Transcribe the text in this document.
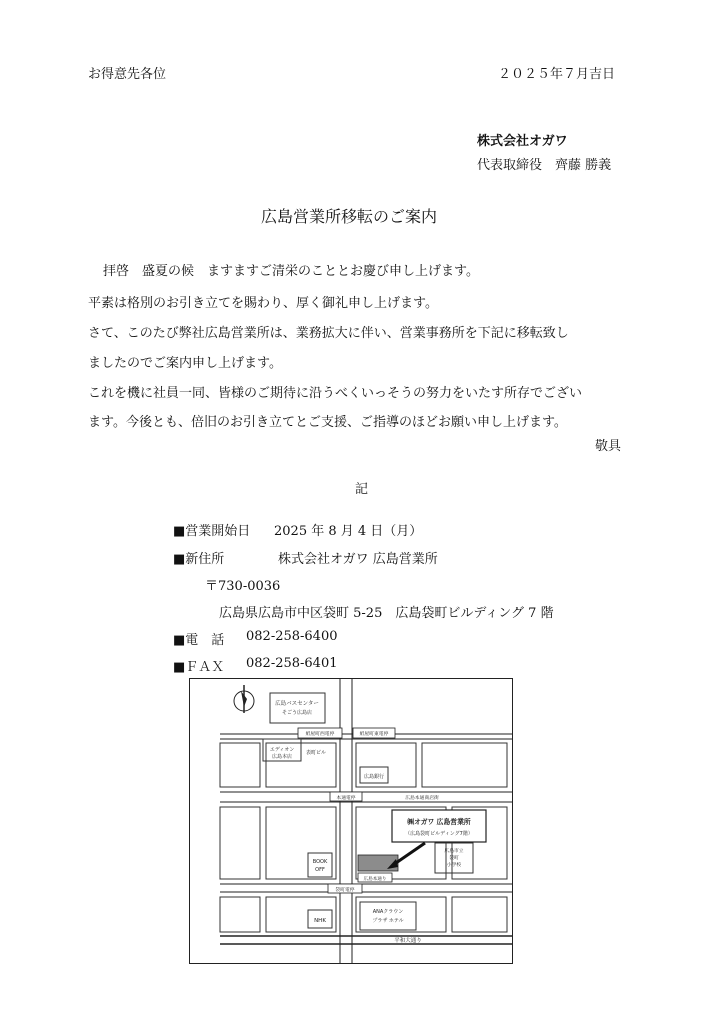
お得意先各位	２０２５年７月吉日
株式会社オガワ
代表取締役　齊藤 勝義
広島営業所移転のご案内
拝啓　盛夏の候　ますますご清栄のこととお慶び申し上げます。
平素は格別のお引き立てを賜わり、厚く御礼申し上げます。
さて、このたび弊社広島営業所は、業務拡大に伴い、営業事務所を下記に移転致し
ましたのでご案内申し上げます。
これを機に社員一同、皆様のご期待に沿うべくいっそうの努力をいたす所存でござい
ます。今後とも、倍旧のお引き立てとご支援、ご指導のほどお願い申し上げます。
敬具
記
■営業開始日 2025 年 8 月 4 日（月）
■新住所	株式会社オガワ 広島営業所
〒730-0036
広島県広島市中区袋町 5-25　広島袋町ビルディング 7 階
■電　話 082-258-6400
■ＦＡＸ 082-258-6401
広島バスセンター
そごう広島店
紙屋町西電停	紙屋町東電停
エディオン
広島本店
表町ビル
広島銀行
本通電停	広島本通商店街
㈱オガワ 広島営業所
（広島袋町ビルディング7階）
BOOK
OFF
広島本通り
広島市立
袋町
小学校
袋町電停
NHK
ANAクラウン
プラザ ホテル
平和大通り
